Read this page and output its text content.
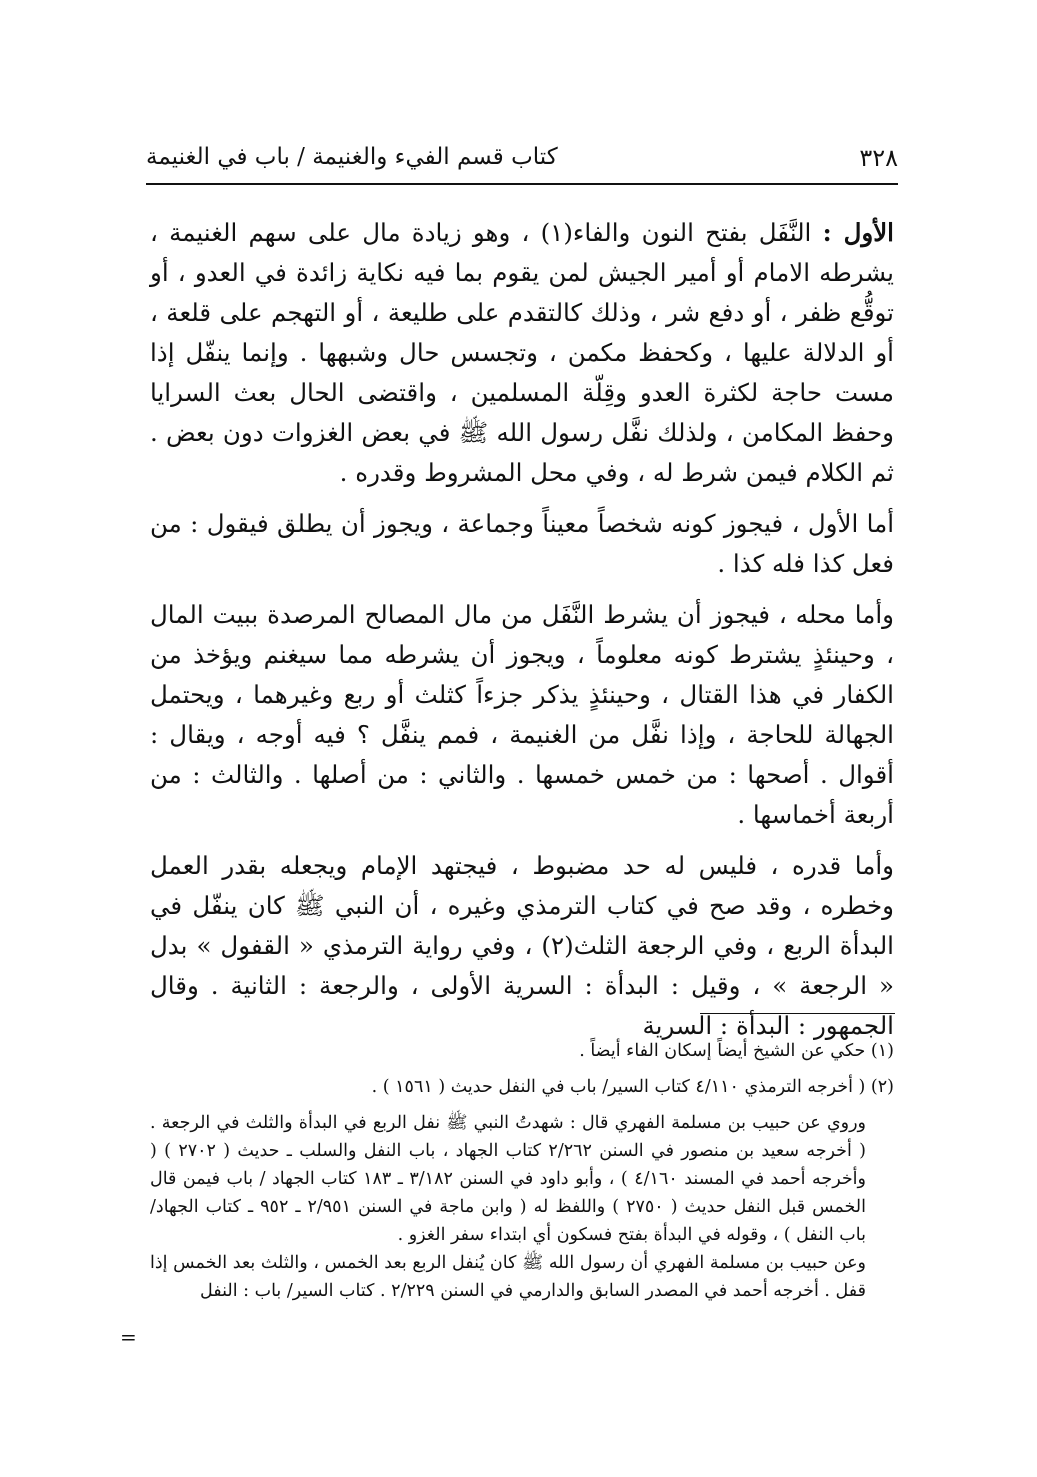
٣٢٨
كتاب قسم الفيء والغنيمة / باب في الغنيمة

الأول : النَّفَل بفتح النون والفاء(١) ، وهو زيادة مال على سهم الغنيمة ، يشرطه الامام أو أمير الجيش لمن يقوم بما فيه نكاية زائدة في العدو ، أو توقُّع ظفر ، أو دفع شر ، وذلك كالتقدم على طليعة ، أو التهجم على قلعة ، أو الدلالة عليها ، وكحفظ مكمن ، وتجسس حال وشبهها . وإنما ينفّل إذا مست حاجة لكثرة العدو وقِلّة المسلمين ، واقتضى الحال بعث السرايا وحفظ المكامن ، ولذلك نفَّل رسول الله ﷺ في بعض الغزوات دون بعض . ثم الكلام فيمن شرط له ، وفي محل المشروط وقدره .

أما الأول ، فيجوز كونه شخصاً معيناً وجماعة ، ويجوز أن يطلق فيقول : من فعل كذا فله كذا .

وأما محله ، فيجوز أن يشرط النَّفَل من مال المصالح المرصدة ببيت المال ، وحينئذٍ يشترط كونه معلوماً ، ويجوز أن يشرطه مما سيغنم ويؤخذ من الكفار في هذا القتال ، وحينئذٍ يذكر جزءاً كثلث أو ربع وغيرهما ، ويحتمل الجهالة للحاجة ، وإذا نفَّل من الغنيمة ، فمم ينفَّل ؟ فيه أوجه ، ويقال : أقوال . أصحها : من خمس خمسها . والثاني : من أصلها . والثالث : من أربعة أخماسها .

وأما قدره ، فليس له حد مضبوط ، فيجتهد الإمام ويجعله بقدر العمل وخطره ، وقد صح في كتاب الترمذي وغيره ، أن النبي ﷺ كان ينفّل في البدأة الربع ، وفي الرجعة الثلث(٢) ، وفي رواية الترمذي « القفول » بدل « الرجعة » ، وقيل : البدأة : السرية الأولى ، والرجعة : الثانية . وقال الجمهور : البدأة : السرية

(١) حكي عن الشيخ أيضاً إسكان الفاء أيضاً .

(٢) ( أخرجه الترمذي ٤/١١٠ كتاب السير/ باب في النفل حديث ( ١٥٦١ ) .

وروي عن حبيب بن مسلمة الفهري قال : شهدتُ النبي ﷺ نفل الربع في البدأة والثلث في الرجعة . ( أخرجه سعيد بن منصور في السنن ٢/٢٦٢ كتاب الجهاد ، باب النفل والسلب ـ حديث ( ٢٧٠٢ ) ( وأخرجه أحمد في المسند ٤/١٦٠ ) ، وأبو داود في السنن ٣/١٨٢ ـ ١٨٣ كتاب الجهاد / باب فيمن قال الخمس قبل النفل حديث ( ٢٧٥٠ ) واللفظ له ( وابن ماجة في السنن ٢/٩٥١ ـ ٩٥٢ ـ كتاب الجهاد/ باب النفل ) ، وقوله في البدأة بفتح فسكون أي ابتداء سفر الغزو .

وعن حبيب بن مسلمة الفهري أن رسول الله ﷺ كان يُنفل الربع بعد الخمس ، والثلث بعد الخمس إذا قفل . أخرجه أحمد في المصدر السابق والدارمي في السنن ٢/٢٢٩ . كتاب السير/ باب : النفل

=
